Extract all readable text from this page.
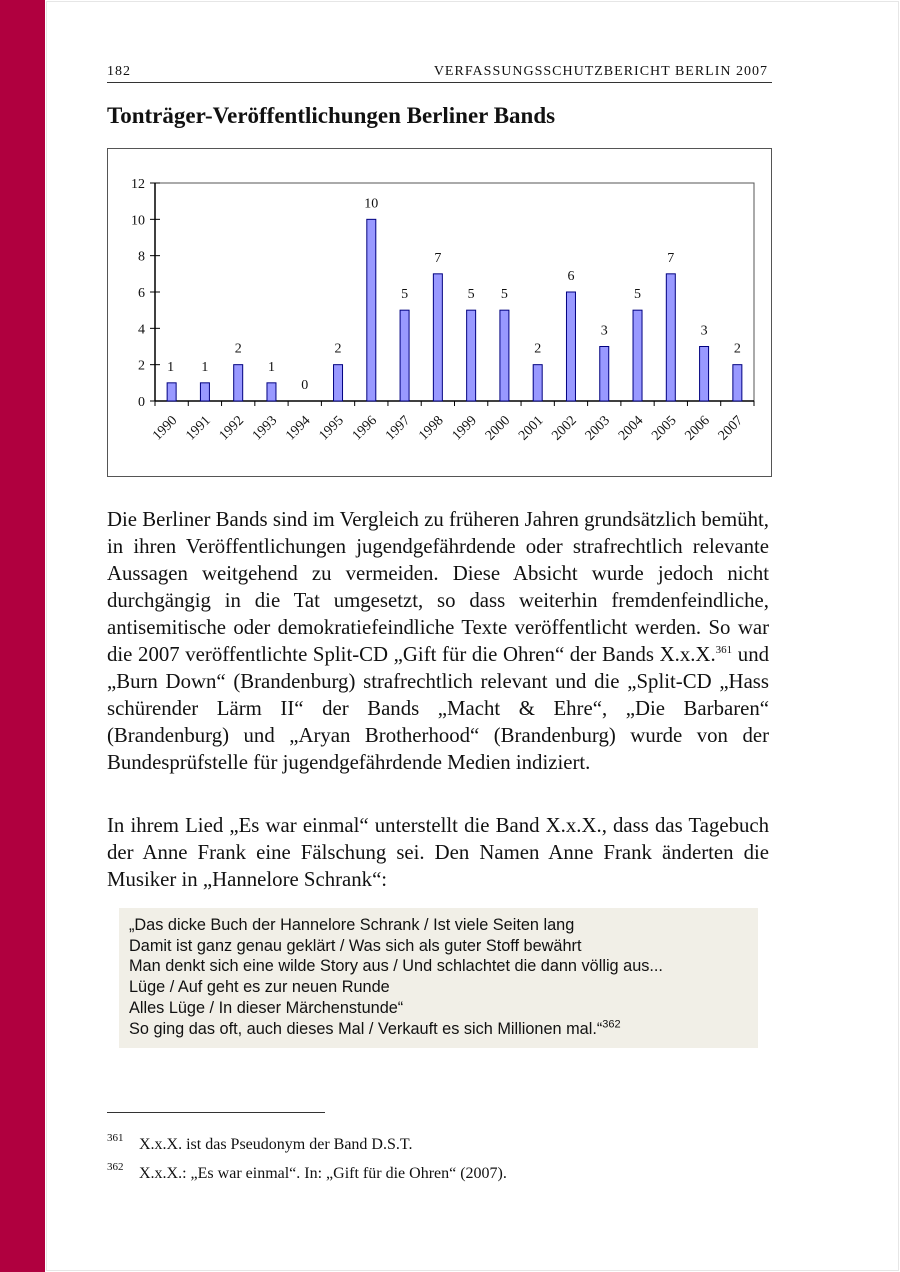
182	VERFASSUNGSSCHUTZBERICHT BERLIN 2007
Tonträger-Veröffentlichungen Berliner Bands
0
2
4
6
8
10
12
1 1
2
1
0
2
10
5
7
5 5
2
6
3
5
7
3
2
1990 1991 1992 1993 1994 1995 1996 1997 1998 1999 2000 2001 2002 2003 2004 2005 2006 2007

Die Berliner Bands sind im Vergleich zu früheren Jahren grundsätzlich bemüht, in ihren Veröffentlichungen jugendgefährdende oder strafrechtlich relevante Aussagen weitgehend zu vermeiden. Diese Absicht wurde jedoch nicht durchgängig in die Tat umgesetzt, so dass weiterhin fremdenfeindliche, antisemitische oder demokratiefeindliche Texte veröffentlicht werden. So war die 2007 veröffentlichte Split-CD „Gift für die Ohren“ der Bands X.x.X.$^{361}$ und „Burn Down“ (Brandenburg) strafrechtlich relevant und die „Split-CD „Hass schürender Lärm II“ der Bands „Macht & Ehre“, „Die Barbaren“ (Brandenburg) und „Aryan Brotherhood“ (Brandenburg) wurde von der Bundesprüfstelle für jugendgefährdende Medien indiziert.

In ihrem Lied „Es war einmal“ unterstellt die Band X.x.X., dass das Tagebuch der Anne Frank eine Fälschung sei. Den Namen Anne Frank änderten die Musiker in „Hannelore Schrank“:

„Das dicke Buch der Hannelore Schrank / Ist viele Seiten lang
Damit ist ganz genau geklärt / Was sich als guter Stoff bewährt
Man denkt sich eine wilde Story aus / Und schlachtet die dann völlig aus...
Lüge / Auf geht es zur neuen Runde
Alles Lüge / In dieser Märchenstunde“
So ging das oft, auch dieses Mal / Verkauft es sich Millionen mal.“$^{362}$
361 X.x.X. ist das Pseudonym der Band D.S.T.
362 X.x.X.: „Es war einmal“. In: „Gift für die Ohren“ (2007).
